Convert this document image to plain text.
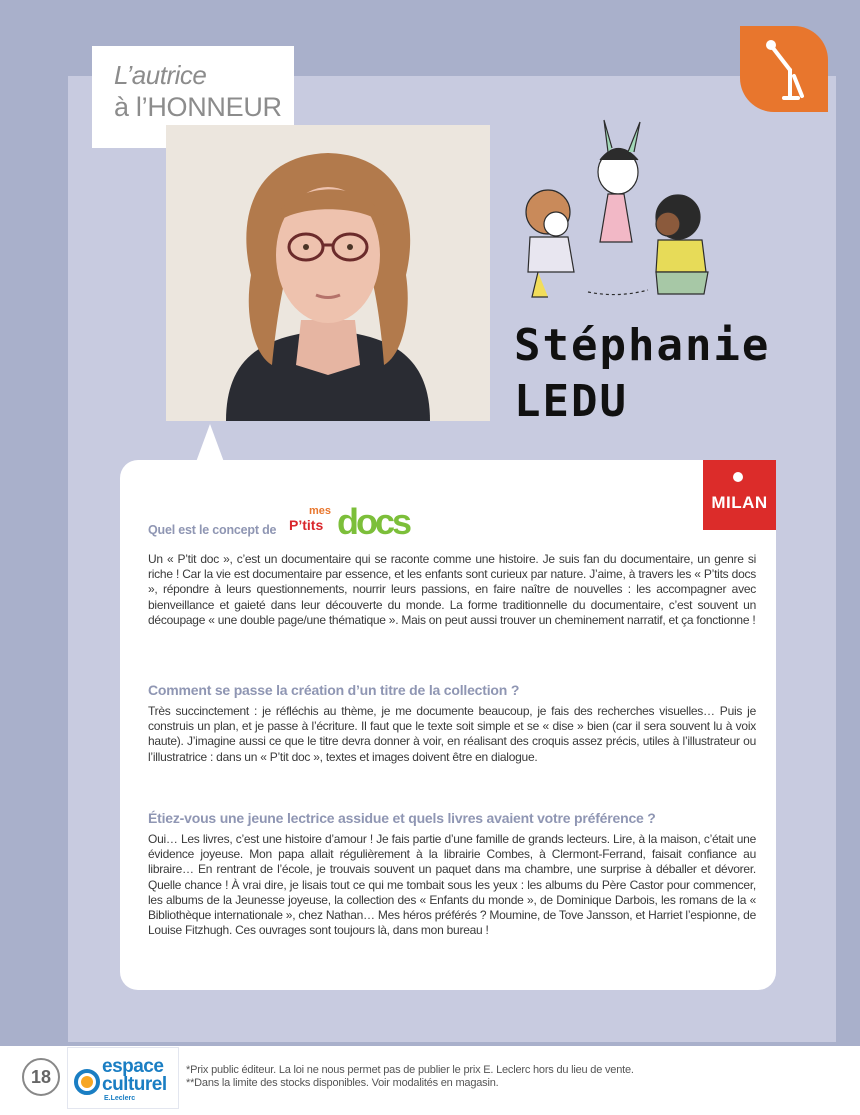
L’autrice
à l’HONNEUR
Stéphanie
LEDU
MILAN
Quel est le concept de
mes
P’tits docs
Un « P’tit doc », c’est un documentaire qui se raconte comme une histoire. Je suis fan du documentaire, un genre si riche ! Car la vie est documentaire par essence, et les enfants sont curieux par nature. J’aime, à travers les « P’tits docs », répondre à leurs questionnements, nourrir leurs passions, en faire naître de nouvelles : les accompagner avec bienveillance et gaieté dans leur découverte du monde. La forme traditionnelle du documentaire, c’est souvent un découpage « une double page/une thématique ». Mais on peut aussi trouver un cheminement narratif, et ça fonctionne !
Comment se passe la création d’un titre de la collection ?
Très succinctement : je réfléchis au thème, je me documente beaucoup, je fais des recherches visuelles… Puis je construis un plan, et je passe à l’écriture. Il faut que le texte soit simple et se « dise » bien (car il sera souvent lu à voix haute). J’imagine aussi ce que le titre devra donner à voir, en réalisant des croquis assez précis, utiles à l’illustrateur ou l’illustratrice : dans un « P’tit doc », textes et images doivent être en dialogue.
Étiez-vous une jeune lectrice assidue et quels livres avaient votre préférence ?
Oui… Les livres, c’est une histoire d’amour ! Je fais partie d’une famille de grands lecteurs. Lire, à la maison, c’était une évidence joyeuse. Mon papa allait régulièrement à la librairie Combes, à Clermont-Ferrand, faisait confiance au libraire… En rentrant de l’école, je trouvais souvent un paquet dans ma chambre, une surprise à déballer et dévorer. Quelle chance ! À vrai dire, je lisais tout ce qui me tombait sous les yeux : les albums du Père Castor pour commencer, les albums de la Jeunesse joyeuse, la collection des « Enfants du monde », de Dominique Darbois, les romans de la « Bibliothèque internationale », chez Nathan… Mes héros préférés ? Moumine, de Tove Jansson, et Harriet l’espionne, de Louise Fitzhugh. Ces ouvrages sont toujours là, dans mon bureau !
18	espace
culturel
E.Leclerc
*Prix public éditeur. La loi ne nous permet pas de publier le prix E. Leclerc hors du lieu de vente.
**Dans la limite des stocks disponibles. Voir modalités en magasin.
